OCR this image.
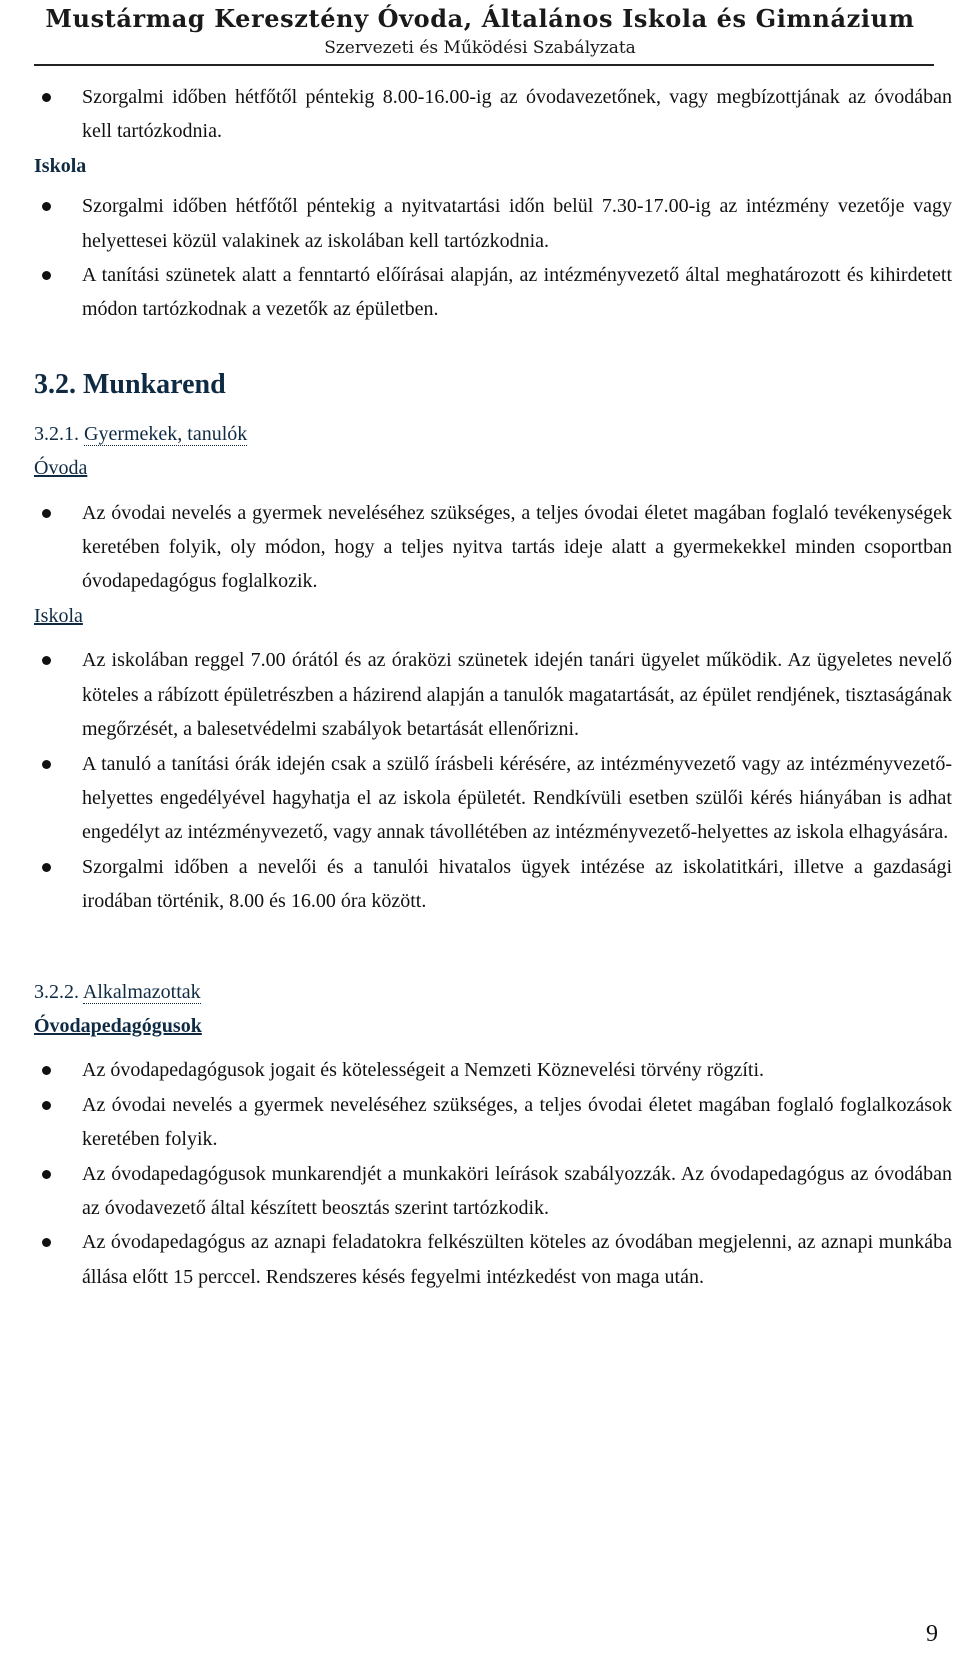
Mustármag Keresztény Óvoda, Általános Iskola és Gimnázium
Szervezeti és Működési Szabályzata
Szorgalmi időben hétfőtől péntekig 8.00-16.00-ig az óvodavezetőnek, vagy megbízottjának az óvodában kell tartózkodnia.

Iskola

Szorgalmi időben hétfőtől péntekig a nyitvatartási időn belül 7.30-17.00-ig az intézmény vezetője vagy helyettesei közül valakinek az iskolában kell tartózkodnia.
A tanítási szünetek alatt a fenntartó előírásai alapján, az intézményvezető által meghatározott és kihirdetett módon tartózkodnak a vezetők az épületben.

3.2. Munkarend

3.2.1. Gyermekek, tanulók

Óvoda

Az óvodai nevelés a gyermek neveléséhez szükséges, a teljes óvodai életet magában foglaló tevékenységek keretében folyik, oly módon, hogy a teljes nyitva tartás ideje alatt a gyermekekkel minden csoportban óvodapedagógus foglalkozik.

Iskola

Az iskolában reggel 7.00 órától és az óraközi szünetek idején tanári ügyelet működik. Az ügyeletes nevelő köteles a rábízott épületrészben a házirend alapján a tanulók magatartását, az épület rendjének, tisztaságának megőrzését, a balesetvédelmi szabályok betartását ellenőrizni.
A tanuló a tanítási órák idején csak a szülő írásbeli kérésére, az intézményvezető vagy az intézményvezető-helyettes engedélyével hagyhatja el az iskola épületét. Rendkívüli esetben szülői kérés hiányában is adhat engedélyt az intézményvezető, vagy annak távollétében az intézményvezető-helyettes az iskola elhagyására.
Szorgalmi időben a nevelői és a tanulói hivatalos ügyek intézése az iskolatitkári, illetve a gazdasági irodában történik, 8.00 és 16.00 óra között.

3.2.2. Alkalmazottak

Óvodapedagógusok

Az óvodapedagógusok jogait és kötelességeit a Nemzeti Köznevelési törvény rögzíti.
Az óvodai nevelés a gyermek neveléséhez szükséges, a teljes óvodai életet magában foglaló foglalkozások keretében folyik.
Az óvodapedagógusok munkarendjét a munkaköri leírások szabályozzák. Az óvodapedagógus az óvodában az óvodavezető által készített beosztás szerint tartózkodik.
Az óvodapedagógus az aznapi feladatokra felkészülten köteles az óvodában megjelenni, az aznapi munkába állása előtt 15 perccel. Rendszeres késés fegyelmi intézkedést von maga után.
9
